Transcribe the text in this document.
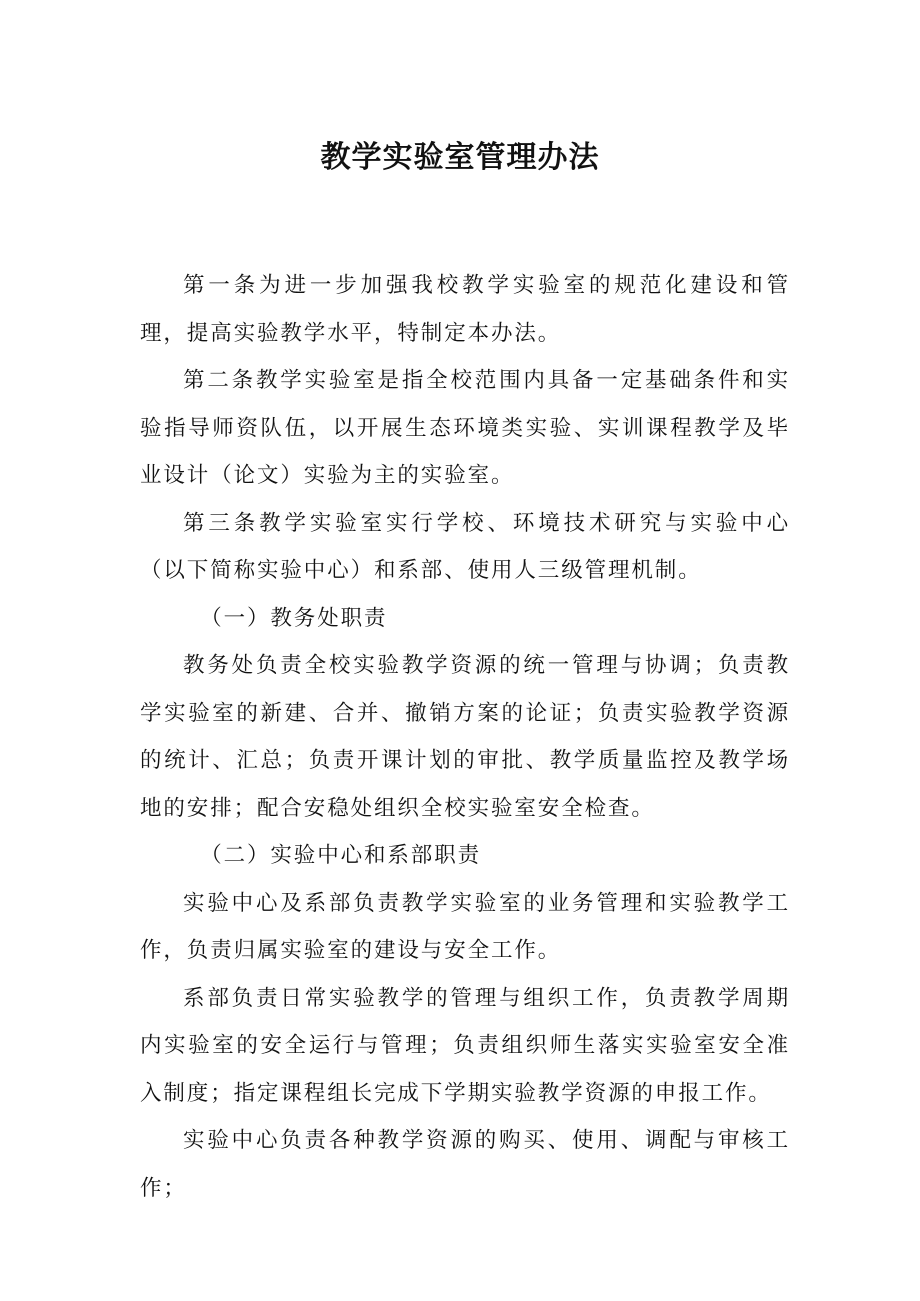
教学实验室管理办法

第一条为进一步加强我校教学实验室的规范化建设和管理，提高实验教学水平，特制定本办法。

第二条教学实验室是指全校范围内具备一定基础条件和实验指导师资队伍，以开展生态环境类实验、实训课程教学及毕业设计（论文）实验为主的实验室。

第三条教学实验室实行学校、环境技术研究与实验中心（以下简称实验中心）和系部、使用人三级管理机制。

（一）教务处职责

教务处负责全校实验教学资源的统一管理与协调；负责教学实验室的新建、合并、撤销方案的论证；负责实验教学资源的统计、汇总；负责开课计划的审批、教学质量监控及教学场地的安排；配合安稳处组织全校实验室安全检查。

（二）实验中心和系部职责

实验中心及系部负责教学实验室的业务管理和实验教学工作，负责归属实验室的建设与安全工作。

系部负责日常实验教学的管理与组织工作，负责教学周期内实验室的安全运行与管理；负责组织师生落实实验室安全准入制度；指定课程组长完成下学期实验教学资源的申报工作。

实验中心负责各种教学资源的购买、使用、调配与审核工作；
